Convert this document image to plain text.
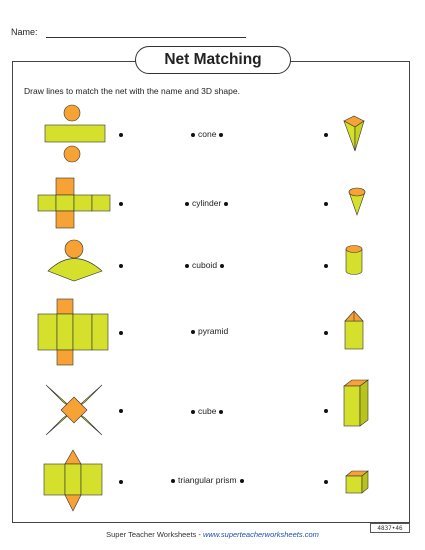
Name:
Net Matching
Draw lines to match the net with the name and 3D shape.
cone
cylinder
cuboid
pyramid
cube
triangular prism
Super Teacher Worksheets - www.superteacherworksheets.com
4837•46
